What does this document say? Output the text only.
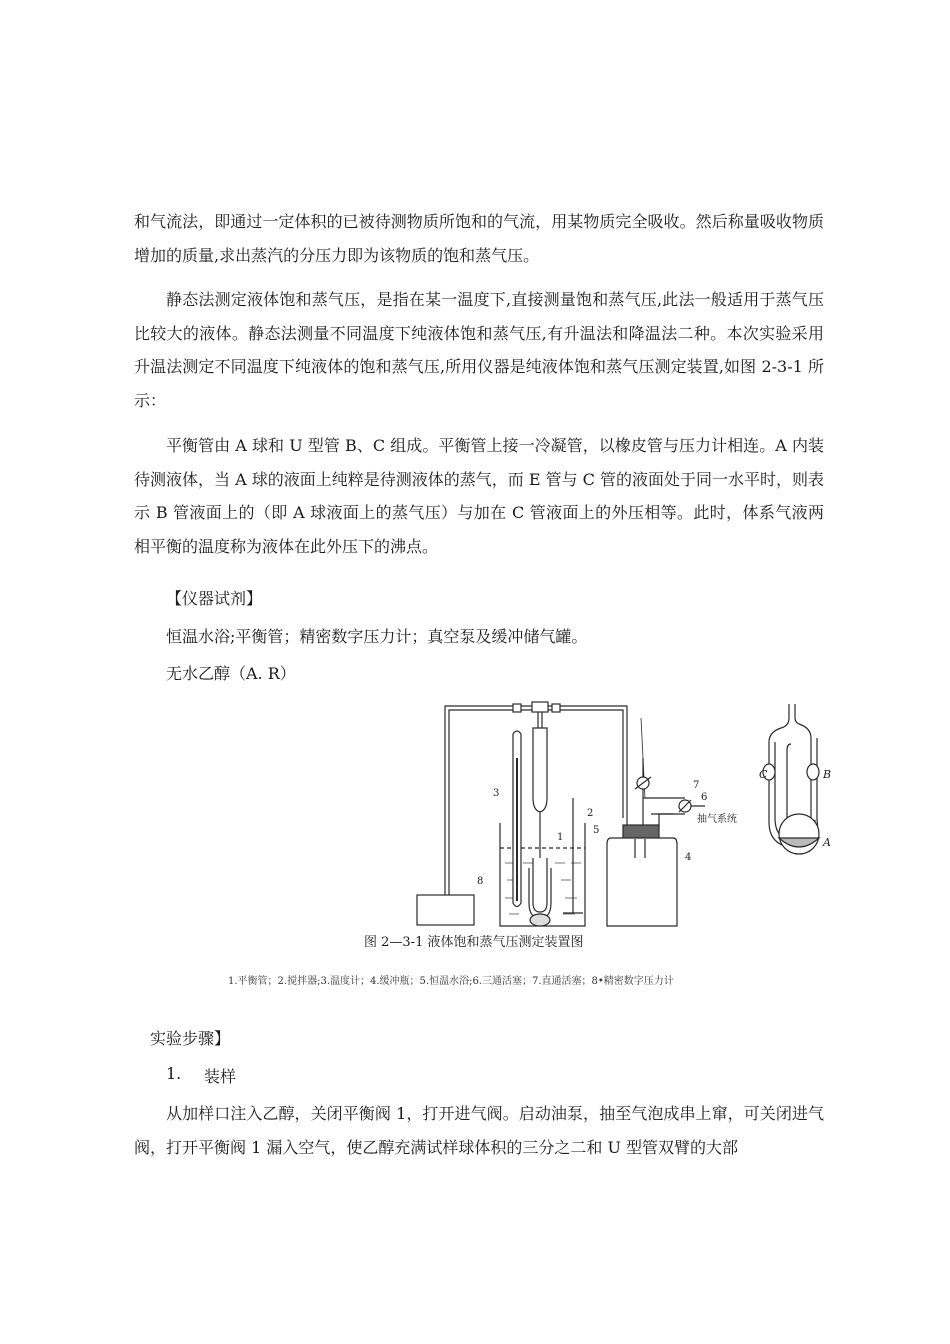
和气流法，即通过一定体积的已被待测物质所饱和的气流，用某物质完全吸收。然后称量吸收物质增加的质量,求出蒸汽的分压力即为该物质的饱和蒸气压。

静态法测定液体饱和蒸气压，是指在某一温度下,直接测量饱和蒸气压,此法一般适用于蒸气压比较大的液体。静态法测量不同温度下纯液体饱和蒸气压,有升温法和降温法二种。本次实验采用升温法测定不同温度下纯液体的饱和蒸气压,所用仪器是纯液体饱和蒸气压测定装置,如图 2-3-1 所示：

平衡管由 A 球和 U 型管 B、C 组成。平衡管上接一冷凝管，以橡皮管与压力计相连。A 内装待测液体，当 A 球的液面上纯粹是待测液体的蒸气，而 E 管与 C 管的液面处于同一水平时，则表示 B 管液面上的（即 A 球液面上的蒸气压）与加在 C 管液面上的外压相等。此时，体系气液两相平衡的温度称为液体在此外压下的沸点。

【仪器试剂】

恒温水浴;平衡管；精密数字压力计；真空泵及缓冲储气罐。

无水乙醇（A. R）

抽气系统
8
3
1
2
5
4
7
6
C	B
A
图 2—3-1 液体饱和蒸气压测定装置图
1.平衡管；2.搅拌器;3.温度计；4.缓冲瓶；5.恒温水浴;6.三通活塞；7.直通活塞；8•精密数字压力计

实验步骤】

1. 装样

从加样口注入乙醇，关闭平衡阀 1，打开进气阀。启动油泵，抽至气泡成串上窜，可关闭进气阀，打开平衡阀 1 漏入空气，使乙醇充满试样球体积的三分之二和 U 型管双臂的大部
